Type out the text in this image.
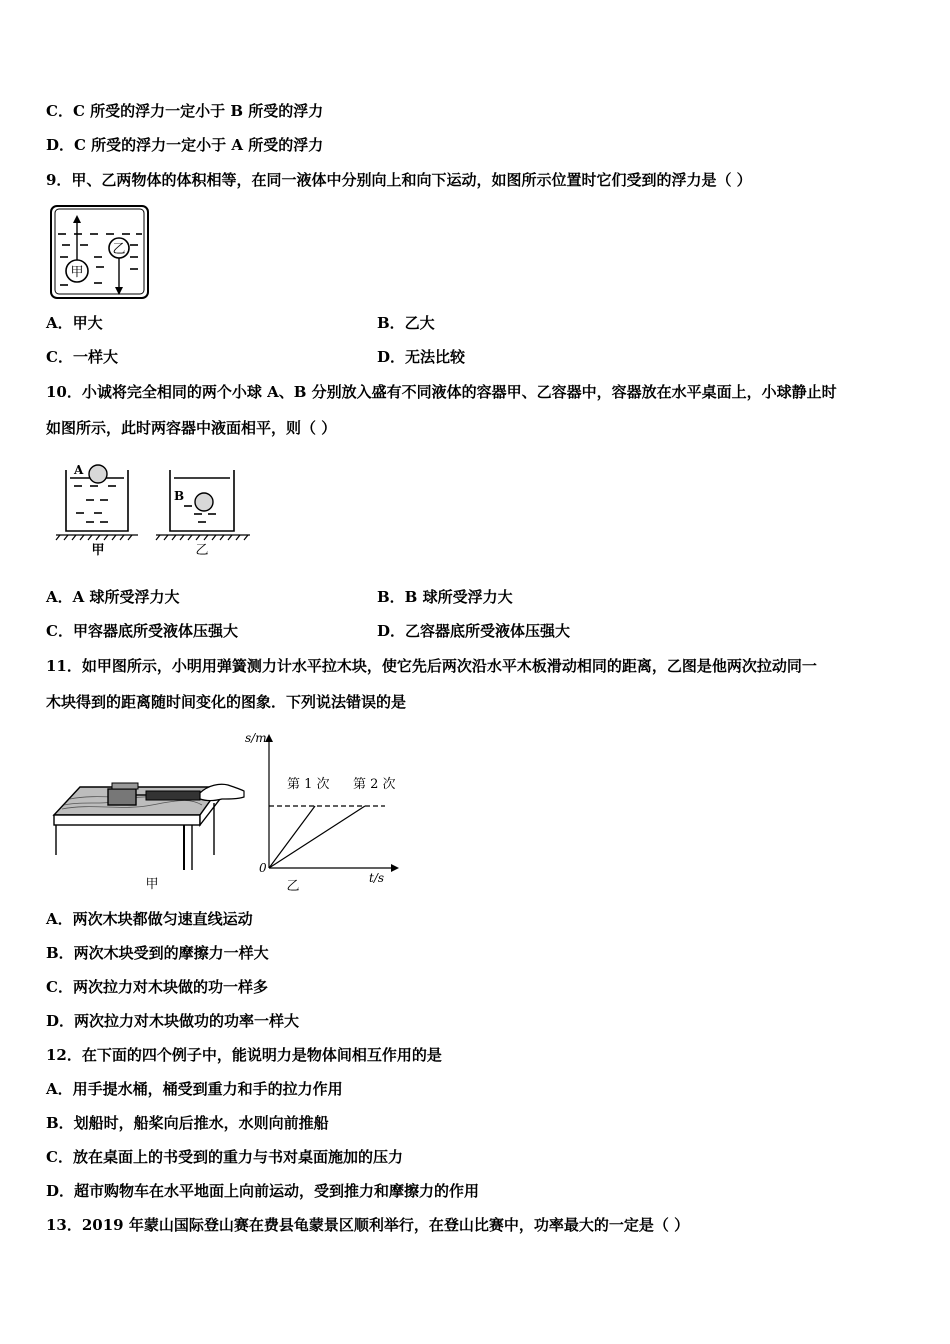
C．C 所受的浮力一定小于 B 所受的浮力
D．C 所受的浮力一定小于 A 所受的浮力
9．甲、乙两物体的体积相等，在同一液体中分别向上和向下运动，如图所示位置时它们受到的浮力是（ ）
甲
乙
A．甲大	B．乙大
C．一样大	D．无法比较
10．小诚将完全相同的两个小球 A、B 分别放入盛有不同液体的容器甲、乙容器中，容器放在水平桌面上，小球静止时
如图所示，此时两容器中液面相平，则（ ）
A
甲
B
乙
A．A 球所受浮力大	B．B 球所受浮力大
C．甲容器底所受液体压强大	D．乙容器底所受液体压强大
11．如甲图所示，小明用弹簧测力计水平拉木块，使它先后两次沿水平木板滑动相同的距离，乙图是他两次拉动同一
木块得到的距离随时间变化的图象．下列说法错误的是
甲
s/m
t/s
0
乙
第 1 次 第 2 次
A．两次木块都做匀速直线运动
B．两次木块受到的摩擦力一样大
C．两次拉力对木块做的功一样多
D．两次拉力对木块做功的功率一样大
12．在下面的四个例子中，能说明力是物体间相互作用的是
A．用手提水桶，桶受到重力和手的拉力作用
B．划船时，船桨向后推水，水则向前推船
C．放在桌面上的书受到的重力与书对桌面施加的压力
D．超市购物车在水平地面上向前运动，受到推力和摩擦力的作用
13．2019 年蒙山国际登山赛在费县龟蒙景区顺利举行，在登山比赛中，功率最大的一定是（ ）
